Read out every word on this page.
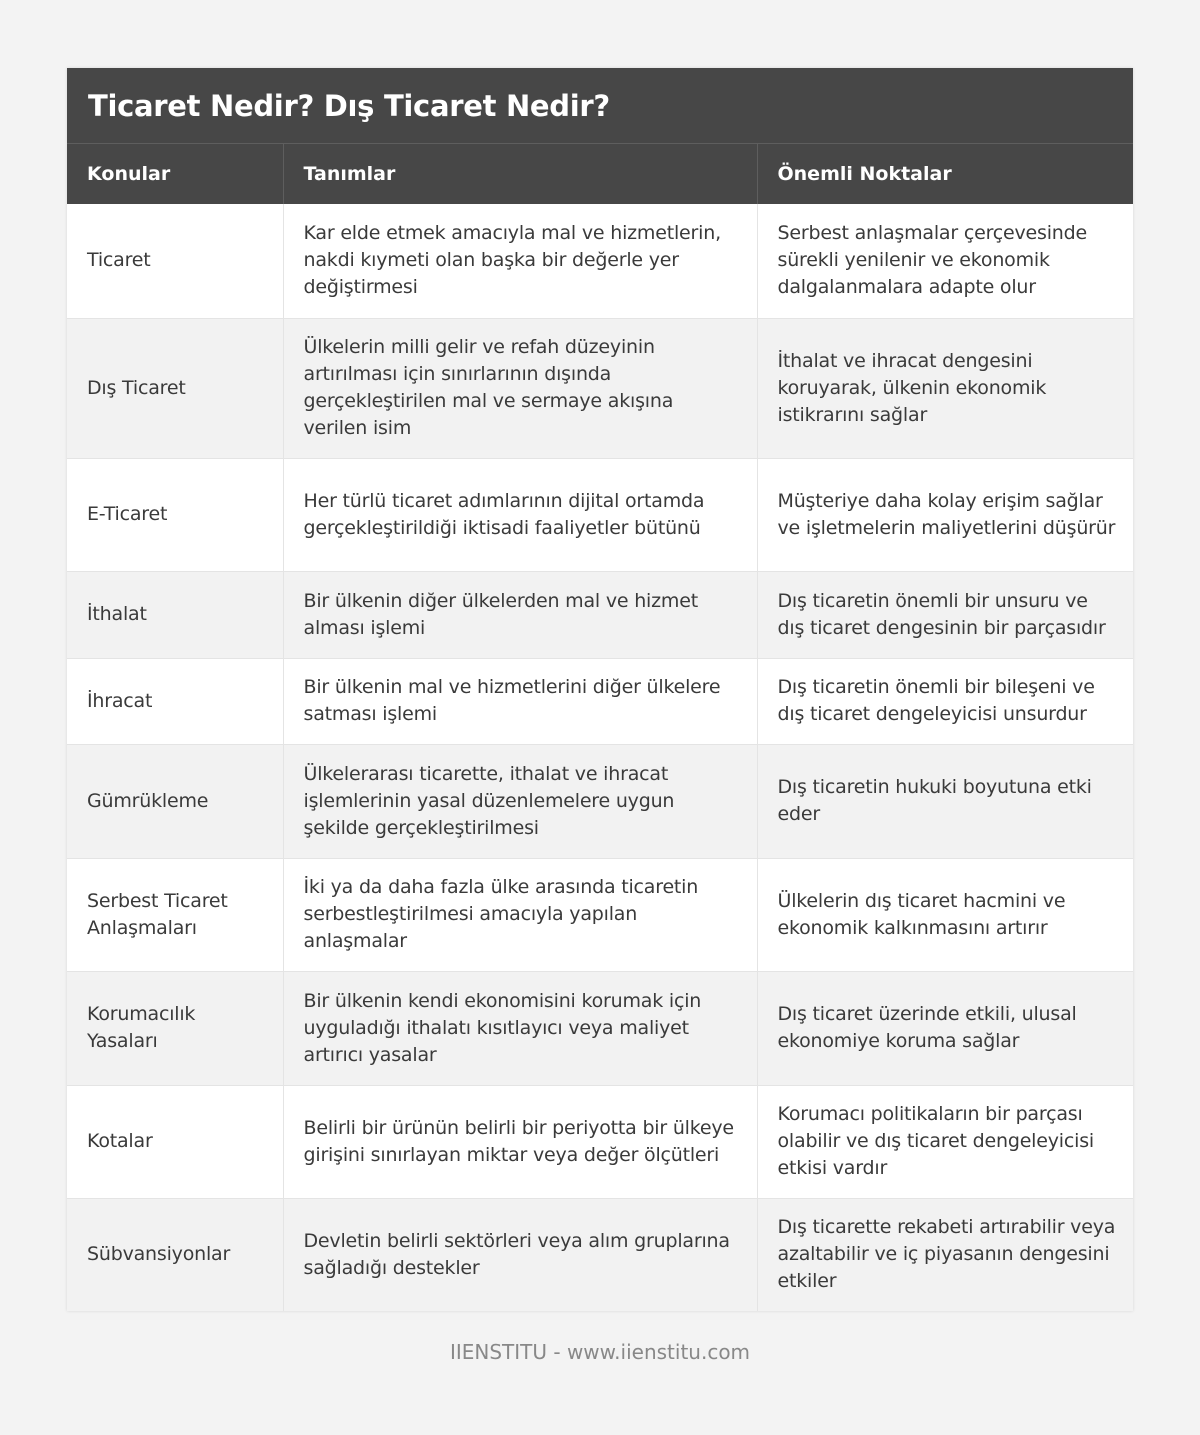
Ticaret Nedir? Dış Ticaret Nedir?
Konular	Tanımlar	Önemli Noktalar
Ticaret	Kar elde etmek amacıyla mal ve hizmetlerin, nakdi kıymeti olan başka bir değerle yer değiştirmesi	Serbest anlaşmalar çerçevesinde sürekli yenilenir ve ekonomik dalgalanmalara adapte olur
Dış Ticaret	Ülkelerin milli gelir ve refah düzeyinin artırılması için sınırlarının dışında gerçekleştirilen mal ve sermaye akışına verilen isim	İthalat ve ihracat dengesini koruyarak, ülkenin ekonomik istikrarını sağlar
E-Ticaret	Her türlü ticaret adımlarının dijital ortamda gerçekleştirildiği iktisadi faaliyetler bütünü	Müşteriye daha kolay erişim sağlar ve işletmelerin maliyetlerini düşürür
İthalat	Bir ülkenin diğer ülkelerden mal ve hizmet alması işlemi	Dış ticaretin önemli bir unsuru ve dış ticaret dengesinin bir parçasıdır
İhracat	Bir ülkenin mal ve hizmetlerini diğer ülkelere satması işlemi	Dış ticaretin önemli bir bileşeni ve dış ticaret dengeleyicisi unsurdur
Gümrükleme	Ülkelerarası ticarette, ithalat ve ihracat işlemlerinin yasal düzenlemelere uygun şekilde gerçekleştirilmesi	Dış ticaretin hukuki boyutuna etki eder
Serbest Ticaret Anlaşmaları	İki ya da daha fazla ülke arasında ticaretin serbestleştirilmesi amacıyla yapılan anlaşmalar	Ülkelerin dış ticaret hacmini ve ekonomik kalkınmasını artırır
Korumacılık Yasaları	Bir ülkenin kendi ekonomisini korumak için uyguladığı ithalatı kısıtlayıcı veya maliyet artırıcı yasalar	Dış ticaret üzerinde etkili, ulusal ekonomiye koruma sağlar
Kotalar	Belirli bir ürünün belirli bir periyotta bir ülkeye girişini sınırlayan miktar veya değer ölçütleri	Korumacı politikaların bir parçası olabilir ve dış ticaret dengeleyicisi etkisi vardır
Sübvansiyonlar	Devletin belirli sektörleri veya alım gruplarına sağladığı destekler	Dış ticarette rekabeti artırabilir veya azaltabilir ve iç piyasanın dengesini etkiler
IIENSTITU - www.iienstitu.com
